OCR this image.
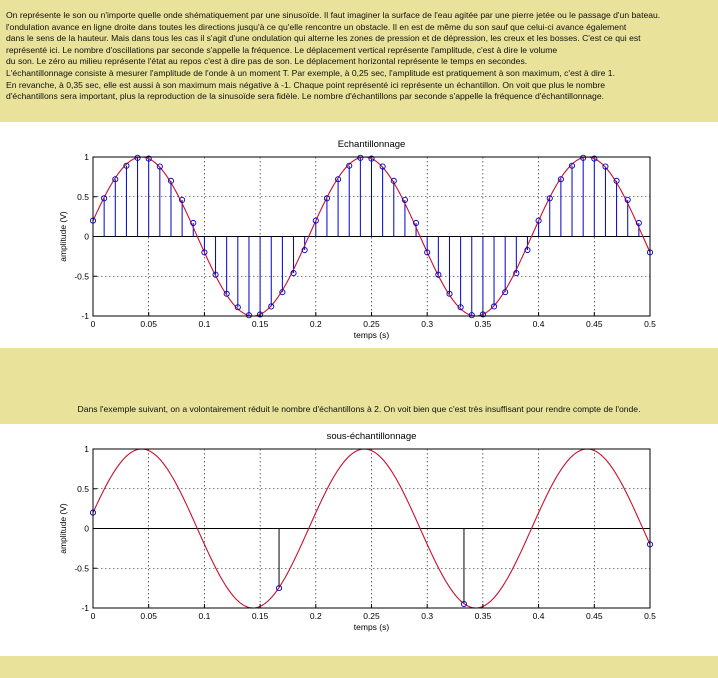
On représente le son ou n'importe quelle onde shématiquement par une sinusoïde. Il faut imaginer la surface de l'eau agitée par une pierre jetée ou le passage d'un bateau.

l'ondulation avance en ligne droite dans toutes les directions jusqu'à ce qu'elle rencontre un obstacle. Il en est de même du son sauf que celui-ci avance également

dans le sens de la hauteur. Mais dans tous les cas il s'agit d'une ondulation qui alterne les zones de pression et de dépression, les creux et les bosses. C'est ce qui est

représenté ici. Le nombre d'oscillations par seconde s'appelle la fréquence. Le déplacement vertical représente l'amplitude, c'est à dire le volume

du son. Le zéro au milieu représente l'état au repos c'est à dire pas de son. Le déplacement horizontal représente le temps en secondes.

L'échantillonnage consiste à mesurer l'amplitude de l'onde à un moment T. Par exemple, à 0,25 sec, l'amplitude est pratiquement à son maximum, c'est à dire 1.

En revanche, à 0,35 sec, elle est aussi à son maximum mais négative à -1. Chaque point représenté ici représente un échantillon. On voit que plus le nombre

d'échantillons sera important, plus la reproduction de la sinusoïde sera fidèle. Le nombre d'échantillons par seconde s'appelle la fréquence d'échantillonnage.

0	0.05	0.1	0.15	0.2	0.25	0.3	0.35	0.4	0.45	0.5
-1
-0.5
0
0.5
1
Echantillonnage
temps (s)
amplitude (V)
Dans l'exemple suivant, on a volontairement réduit le nombre d'échantillons à 2. On voit bien que c'est très insuffisant pour rendre compte de l'onde.
0	0.05	0.1	0.15	0.2	0.25	0.3	0.35	0.4	0.45	0.5
-1
-0.5
0
0.5
1
sous-échantillonnage
temps (s)
amplitude (V)
